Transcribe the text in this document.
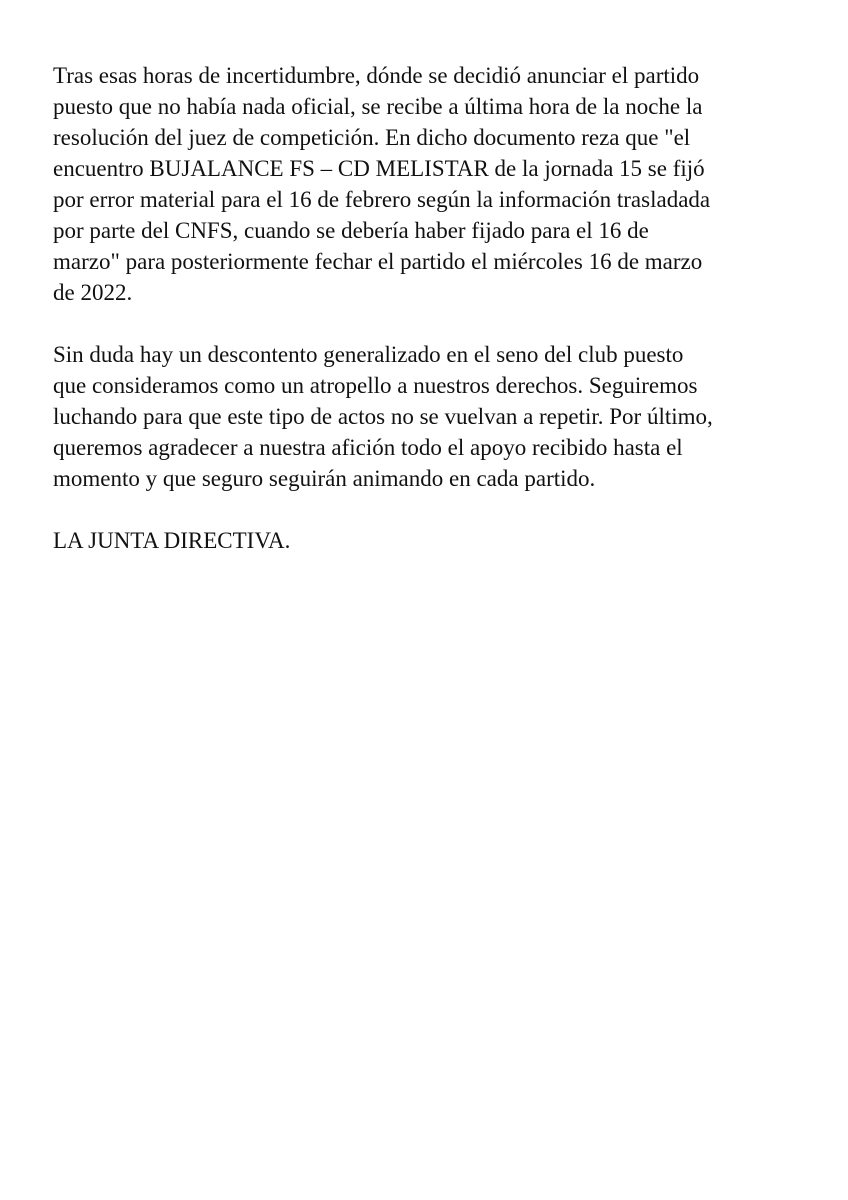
Tras esas horas de incertidumbre, dónde se decidió anunciar el partido
puesto que no había nada oficial, se recibe a última hora de la noche la
resolución del juez de competición. En dicho documento reza que "el
encuentro BUJALANCE FS – CD MELISTAR de la jornada 15 se fijó
por error material para el 16 de febrero según la información trasladada
por parte del CNFS, cuando se debería haber fijado para el 16 de
marzo" para posteriormente fechar el partido el miércoles 16 de marzo
de 2022.

Sin duda hay un descontento generalizado en el seno del club puesto
que consideramos como un atropello a nuestros derechos. Seguiremos
luchando para que este tipo de actos no se vuelvan a repetir. Por último,
queremos agradecer a nuestra afición todo el apoyo recibido hasta el
momento y que seguro seguirán animando en cada partido.

LA JUNTA DIRECTIVA.
